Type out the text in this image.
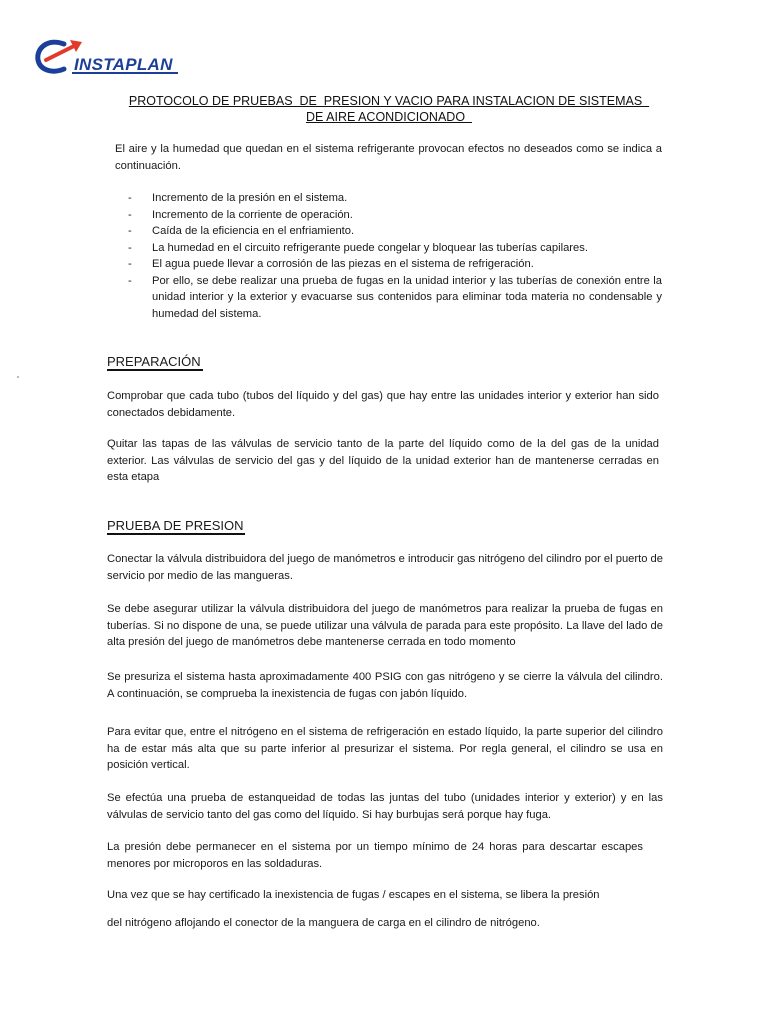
INSTAPLAN
PROTOCOLO DE PRUEBAS  DE  PRESION Y VACIO PARA INSTALACION DE SISTEMAS
DE AIRE ACONDICIONADO
El aire y la humedad que quedan en el sistema refrigerante provocan efectos no deseados como se indica a continuación.
-	Incremento de la presión en el sistema.
-	Incremento de la corriente de operación.
-	Caída de la eficiencia en el enfriamiento.
-	La humedad en el circuito refrigerante puede congelar y bloquear las tuberías capilares.
-	El agua puede llevar a corrosión de las piezas en el sistema de refrigeración.
-	Por ello, se debe realizar una prueba de fugas en la unidad interior y las tuberías de conexión entre la unidad interior y la exterior y evacuarse sus contenidos para eliminar toda materia no condensable y humedad del sistema.
PREPARACIÓN
Comprobar que cada tubo (tubos del líquido y del gas) que hay entre las unidades interior y exterior han sido conectados debidamente.
Quitar las tapas de las válvulas de servicio tanto de la parte del líquido como de la del gas de la unidad exterior. Las válvulas de servicio del gas y del líquido de la unidad exterior han de mantenerse cerradas en esta etapa
PRUEBA DE PRESION
Conectar la válvula distribuidora del juego de manómetros e introducir gas nitrógeno del cilindro por el puerto de servicio por medio de las mangueras.
Se debe asegurar utilizar la válvula distribuidora del juego de manómetros para realizar la prueba de fugas en tuberías. Si no dispone de una, se puede utilizar una válvula de parada para este propósito. La llave del lado de alta presión del juego de manómetros debe mantenerse cerrada en todo momento
Se presuriza el sistema hasta aproximadamente 400 PSIG con gas nitrógeno y se cierre la válvula del cilindro. A continuación, se comprueba la inexistencia de fugas con jabón líquido.
Para evitar que, entre el nitrógeno en el sistema de refrigeración en estado líquido, la parte superior del cilindro ha de estar más alta que su parte inferior al presurizar el sistema. Por regla general, el cilindro se usa en posición vertical.
Se efectúa una prueba de estanqueidad de todas las juntas del tubo (unidades interior y exterior) y en las válvulas de servicio tanto del gas como del líquido. Si hay burbujas será porque hay fuga.
La presión debe permanecer en el sistema por un tiempo mínimo de 24 horas para descartar escapes menores por microporos en las soldaduras.
Una vez que se hay certificado la inexistencia de fugas / escapes en el sistema, se libera la presión
del nitrógeno aflojando el conector de la manguera de carga en el cilindro de nitrógeno.
